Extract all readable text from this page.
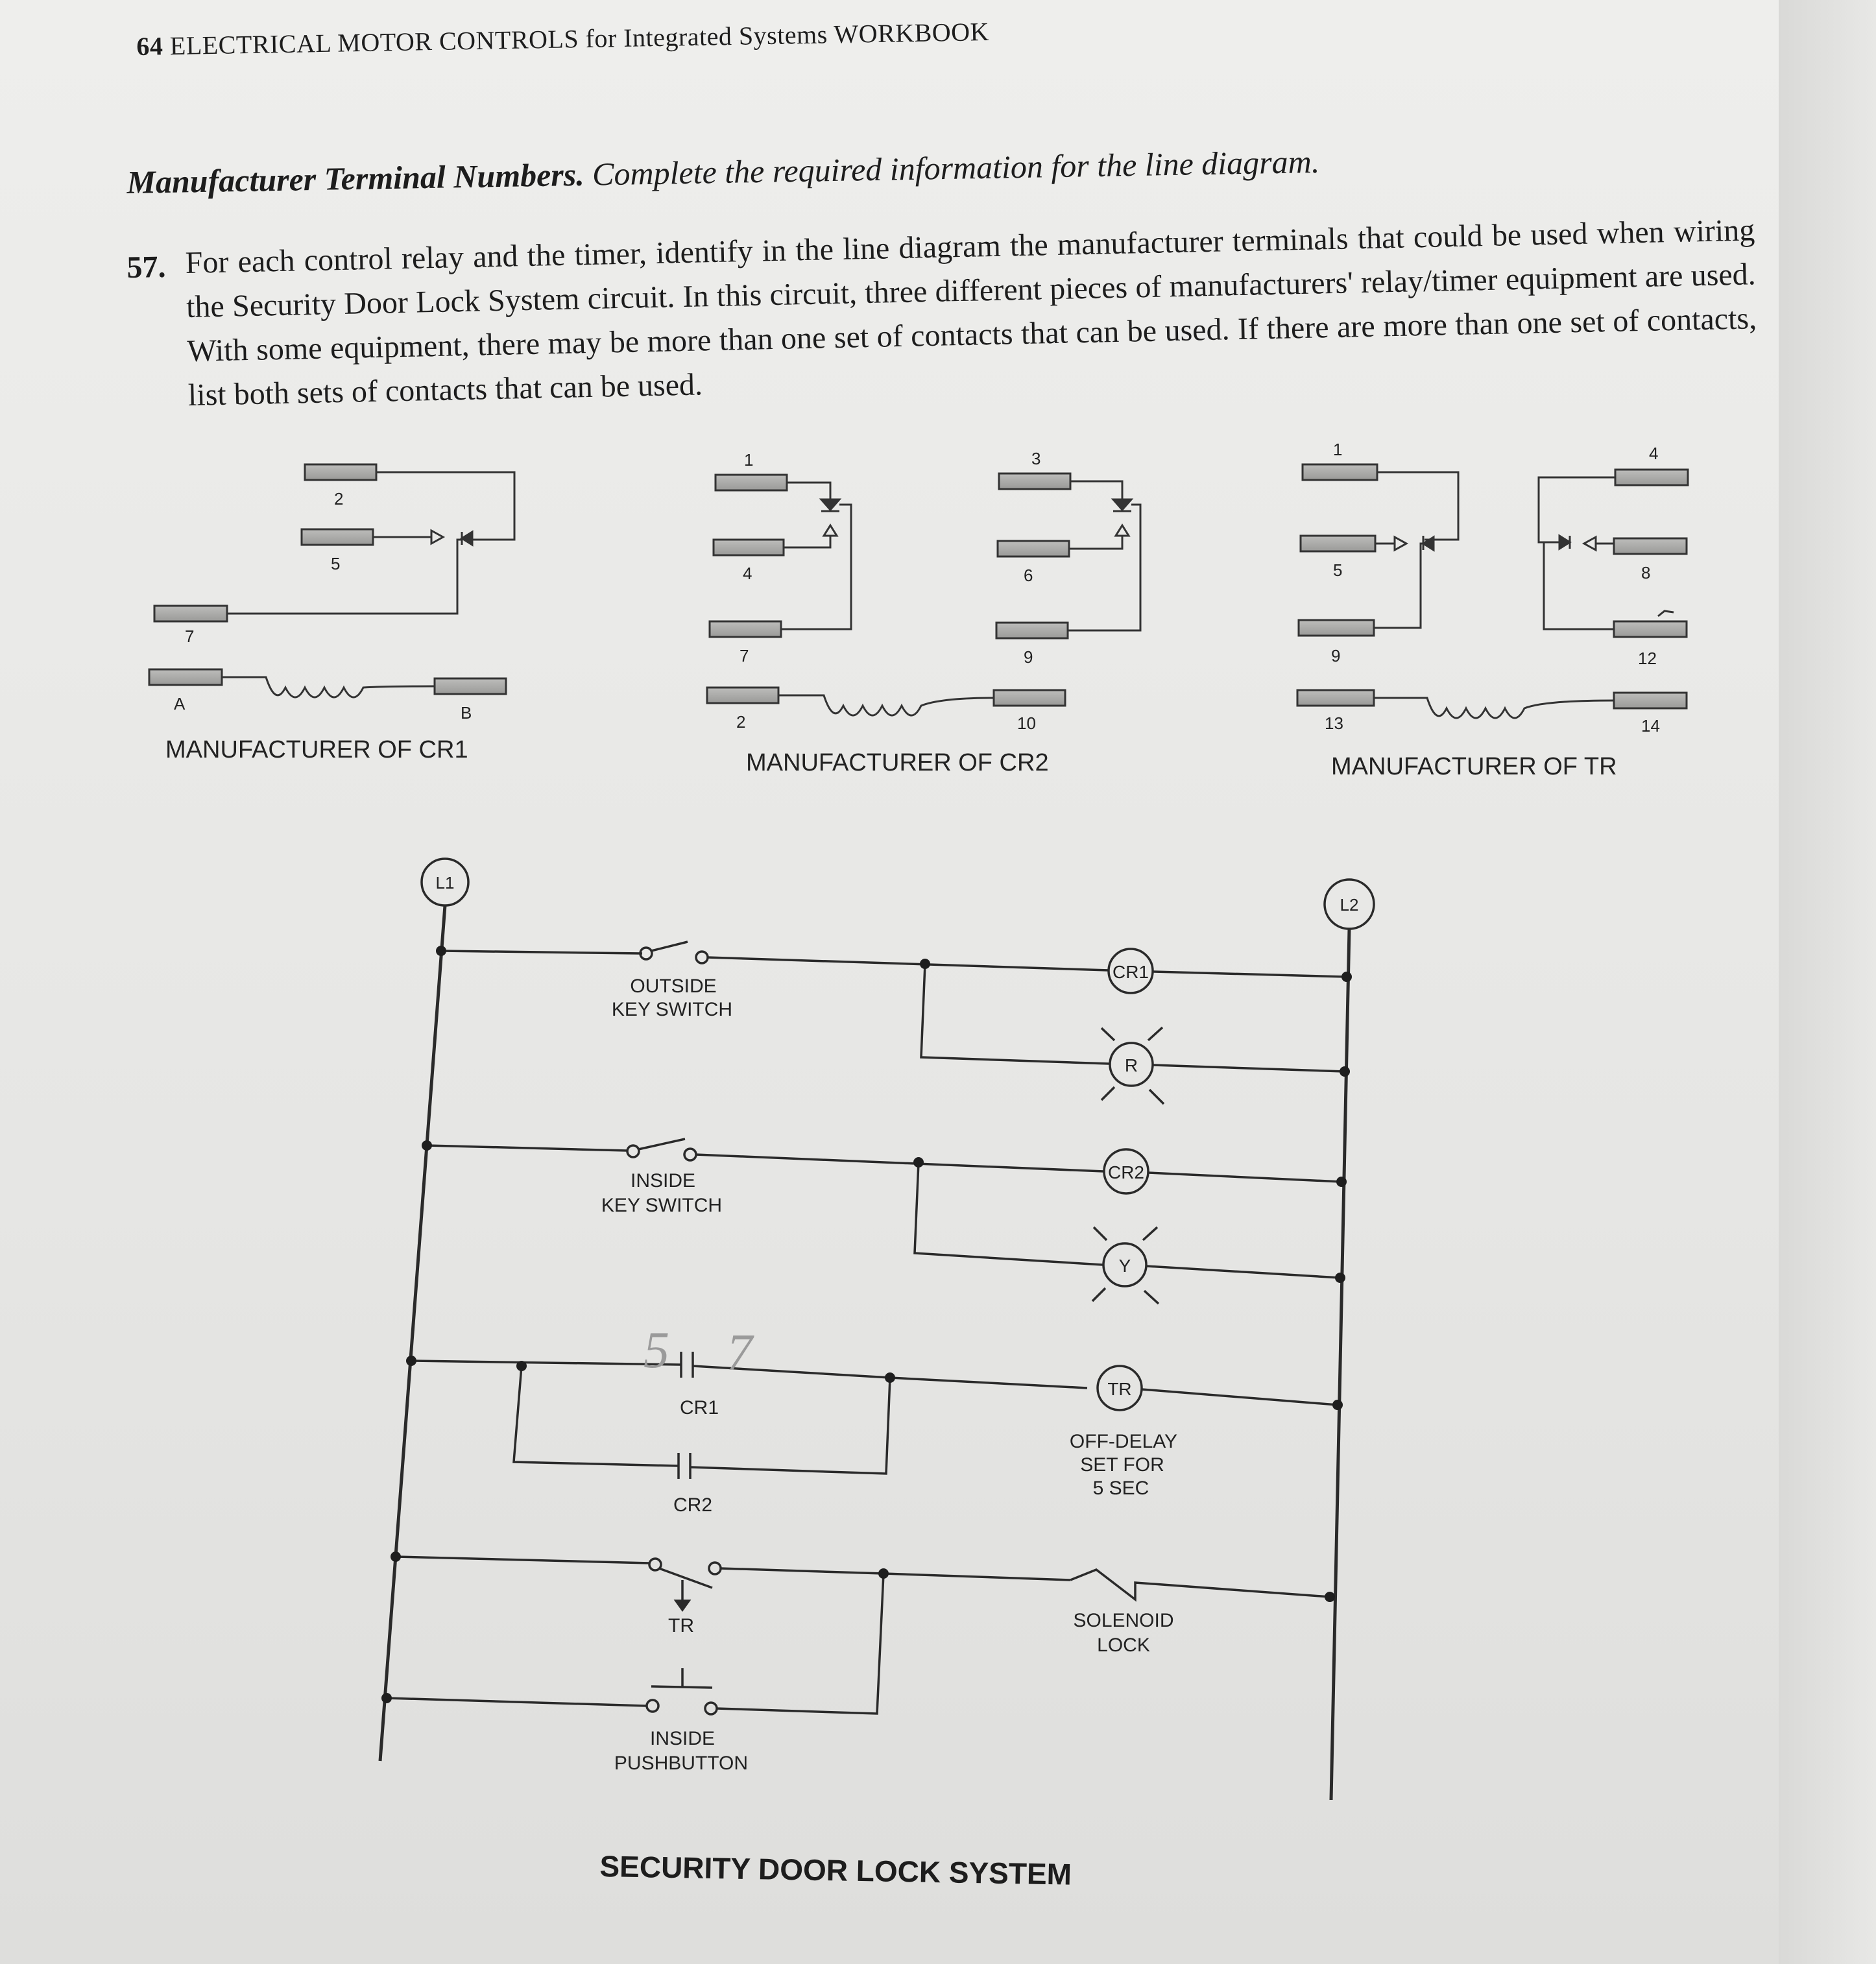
64 ELECTRICAL MOTOR CONTROLS for Integrated Systems WORKBOOK
Manufacturer Terminal Numbers. Complete the required information for the line diagram.
57. For each control relay and the timer, identify in the line diagram the manufacturer terminals that could be used when wiring the Security Door Lock System circuit. In this circuit, three different pieces of manufacturers' relay/timer equipment are used. With some equipment, there may be more than one set of contacts that can be used. If there are more than one set of contacts, list both sets of contacts that can be used.
2
5
7
A	B
MANUFACTURER OF CR1
1
4
7
2
3
6
9
10
MANUFACTURER OF CR2
1	4
5	8
9	12
13	14
MANUFACTURER OF TR
L1
L2
OUTSIDE
KEY SWITCH
CR1
R
INSIDE
KEY SWITCH
CR2
Y
CR1
CR2
TR
OFF-DELAY
SET FOR
5 SEC
TR	SOLENOID
LOCK
INSIDE
PUSHBUTTON
5 7
SECURITY DOOR LOCK SYSTEM
